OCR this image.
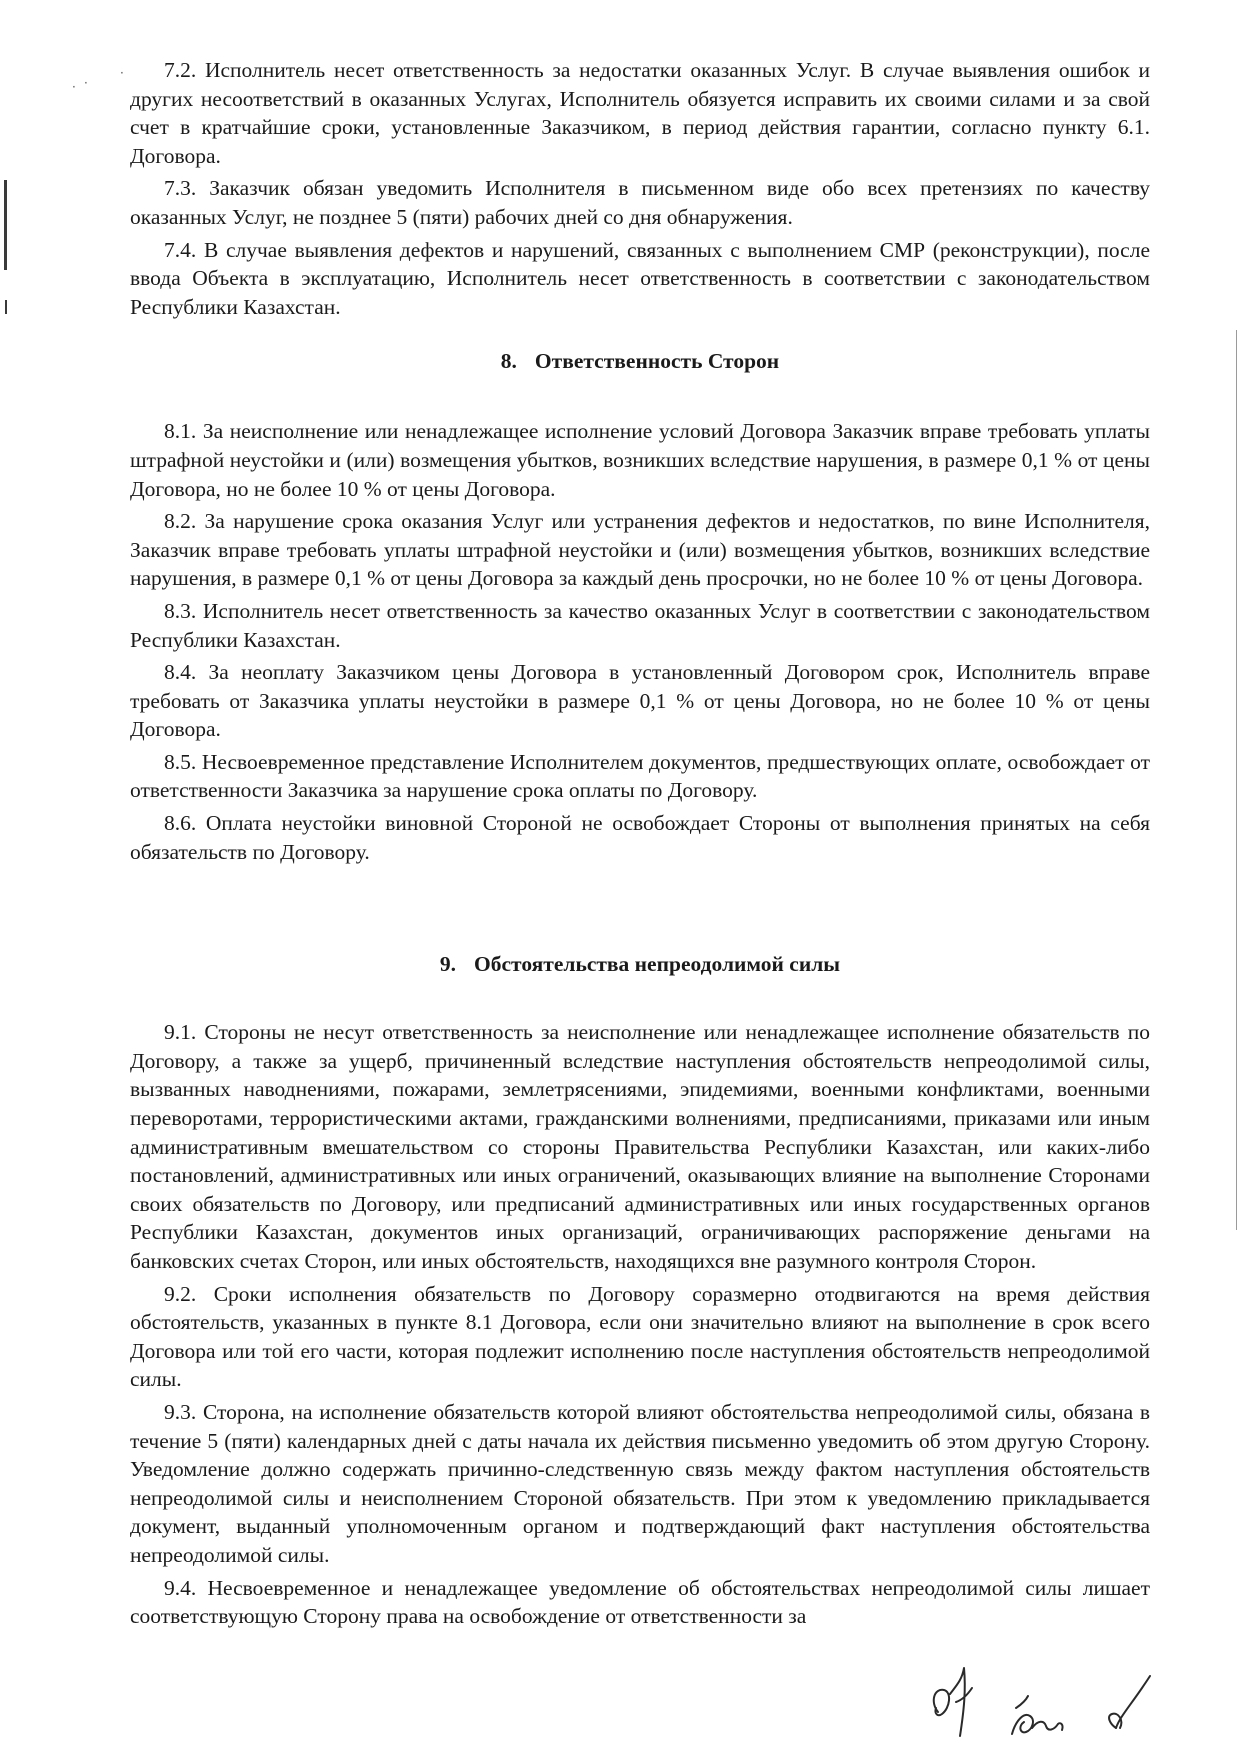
·
· ·

7.2. Исполнитель несет ответственность за недостатки оказанных Услуг. В случае выявления ошибок и других несоответствий в оказанных Услугах, Исполнитель обязуется исправить их своими силами и за свой счет в кратчайшие сроки, установленные Заказчиком, в период действия гарантии, согласно пункту 6.1. Договора.

7.3. Заказчик обязан уведомить Исполнителя в письменном виде обо всех претензиях по качеству оказанных Услуг, не позднее 5 (пяти) рабочих дней со дня обнаружения.

7.4. В случае выявления дефектов и нарушений, связанных с выполнением СМР (реконструкции), после ввода Объекта в эксплуатацию, Исполнитель несет ответственность в соответствии с законодательством Республики Казахстан.

8. Ответственность Сторон

8.1. За неисполнение или ненадлежащее исполнение условий Договора Заказчик вправе требовать уплаты штрафной неустойки и (или) возмещения убытков, возникших вследствие нарушения, в размере 0,1 % от цены Договора, но не более 10 % от цены Договора.

8.2. За нарушение срока оказания Услуг или устранения дефектов и недостатков, по вине Исполнителя, Заказчик вправе требовать уплаты штрафной неустойки и (или) возмещения убытков, возникших вследствие нарушения, в размере 0,1 % от цены Договора за каждый день просрочки, но не более 10 % от цены Договора.

8.3. Исполнитель несет ответственность за качество оказанных Услуг в соответствии с законодательством Республики Казахстан.

8.4. За неоплату Заказчиком цены Договора в установленный Договором срок, Исполнитель вправе требовать от Заказчика уплаты неустойки в размере 0,1 % от цены Договора, но не более 10 % от цены Договора.

8.5. Несвоевременное представление Исполнителем документов, предшествующих оплате, освобождает от ответственности Заказчика за нарушение срока оплаты по Договору.

8.6. Оплата неустойки виновной Стороной не освобождает Стороны от выполнения принятых на себя обязательств по Договору.

9. Обстоятельства непреодолимой силы

9.1. Стороны не несут ответственность за неисполнение или ненадлежащее исполнение обязательств по Договору, а также за ущерб, причиненный вследствие наступления обстоятельств непреодолимой силы, вызванных наводнениями, пожарами, землетрясениями, эпидемиями, военными конфликтами, военными переворотами, террористическими актами, гражданскими волнениями, предписаниями, приказами или иным административным вмешательством со стороны Правительства Республики Казахстан, или каких-либо постановлений, административных или иных ограничений, оказывающих влияние на выполнение Сторонами своих обязательств по Договору, или предписаний административных или иных государственных органов Республики Казахстан, документов иных организаций, ограничивающих распоряжение деньгами на банковских счетах Сторон, или иных обстоятельств, находящихся вне разумного контроля Сторон.

9.2. Сроки исполнения обязательств по Договору соразмерно отодвигаются на время действия обстоятельств, указанных в пункте 8.1 Договора, если они значительно влияют на выполнение в срок всего Договора или той его части, которая подлежит исполнению после наступления обстоятельств непреодолимой силы.

9.3. Сторона, на исполнение обязательств которой влияют обстоятельства непреодолимой силы, обязана в течение 5 (пяти) календарных дней с даты начала их действия письменно уведомить об этом другую Сторону. Уведомление должно содержать причинно-следственную связь между фактом наступления обстоятельств непреодолимой силы и неисполнением Стороной обязательств. При этом к уведомлению прикладывается документ, выданный уполномоченным органом и подтверждающий факт наступления обстоятельства непреодолимой силы.

9.4. Несвоевременное и ненадлежащее уведомление об обстоятельствах непреодолимой силы лишает соответствующую Сторону права на освобождение от ответственности за
